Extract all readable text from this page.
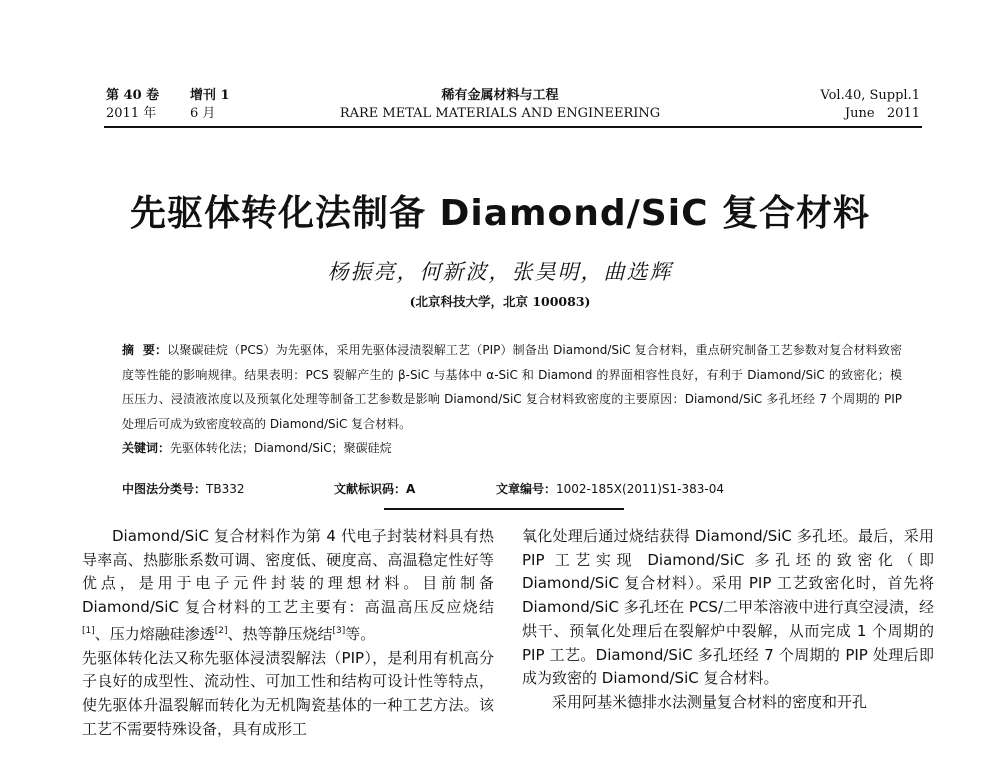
第 40 卷 增刊 1
2011 年	6 月
稀有金属材料与工程
RARE METAL MATERIALS AND ENGINEERING
Vol.40, Suppl.1
June   2011
先驱体转化法制备 Diamond/SiC 复合材料
杨振亮，何新波，张昊明，曲选辉
(北京科技大学，北京 100083)

摘  要：以聚碳硅烷（PCS）为先驱体，采用先驱体浸渍裂解工艺（PIP）制备出 Diamond/SiC 复合材料，重点研究制备工艺参数对复合材料致密度等性能的影响规律。结果表明：PCS 裂解产生的 β-SiC 与基体中 α-SiC 和 Diamond 的界面相容性良好，有利于 Diamond/SiC 的致密化；模压压力、浸渍液浓度以及预氧化处理等制备工艺参数是影响 Diamond/SiC 复合材料致密度的主要原因：Diamond/SiC 多孔坯经 7 个周期的 PIP 处理后可成为致密度较高的 Diamond/SiC 复合材料。

关键词：先驱体转化法；Diamond/SiC；聚碳硅烷

中图法分类号：TB332	文献标识码：A	文章编号：1002-185X(2011)S1-383-04

Diamond/SiC 复合材料作为第 4 代电子封装材料具有热导率高、热膨胀系数可调、密度低、硬度高、高温稳定性好等优点，是用于电子元件封装的理想材料。目前制备 Diamond/SiC 复合材料的工艺主要有：高温高压反应烧结[1]、压力熔融硅渗透[2]、热等静压烧结[3]等。

先驱体转化法又称先驱体浸渍裂解法（PIP），是利用有机高分子良好的成型性、流动性、可加工性和结构可设计性等特点，使先驱体升温裂解而转化为无机陶瓷基体的一种工艺方法。该工艺不需要特殊设备，具有成形工

氧化处理后通过烧结获得 Diamond/SiC 多孔坯。最后，采用 PIP 工艺实现 Diamond/SiC 多孔坯的致密化（即 Diamond/SiC 复合材料）。采用 PIP 工艺致密化时，首先将 Diamond/SiC 多孔坯在 PCS/二甲苯溶液中进行真空浸渍，经烘干、预氧化处理后在裂解炉中裂解，从而完成 1 个周期的 PIP 工艺。Diamond/SiC 多孔坯经 7 个周期的 PIP 处理后即成为致密的 Diamond/SiC 复合材料。

采用阿基米德排水法测量复合材料的密度和开孔
